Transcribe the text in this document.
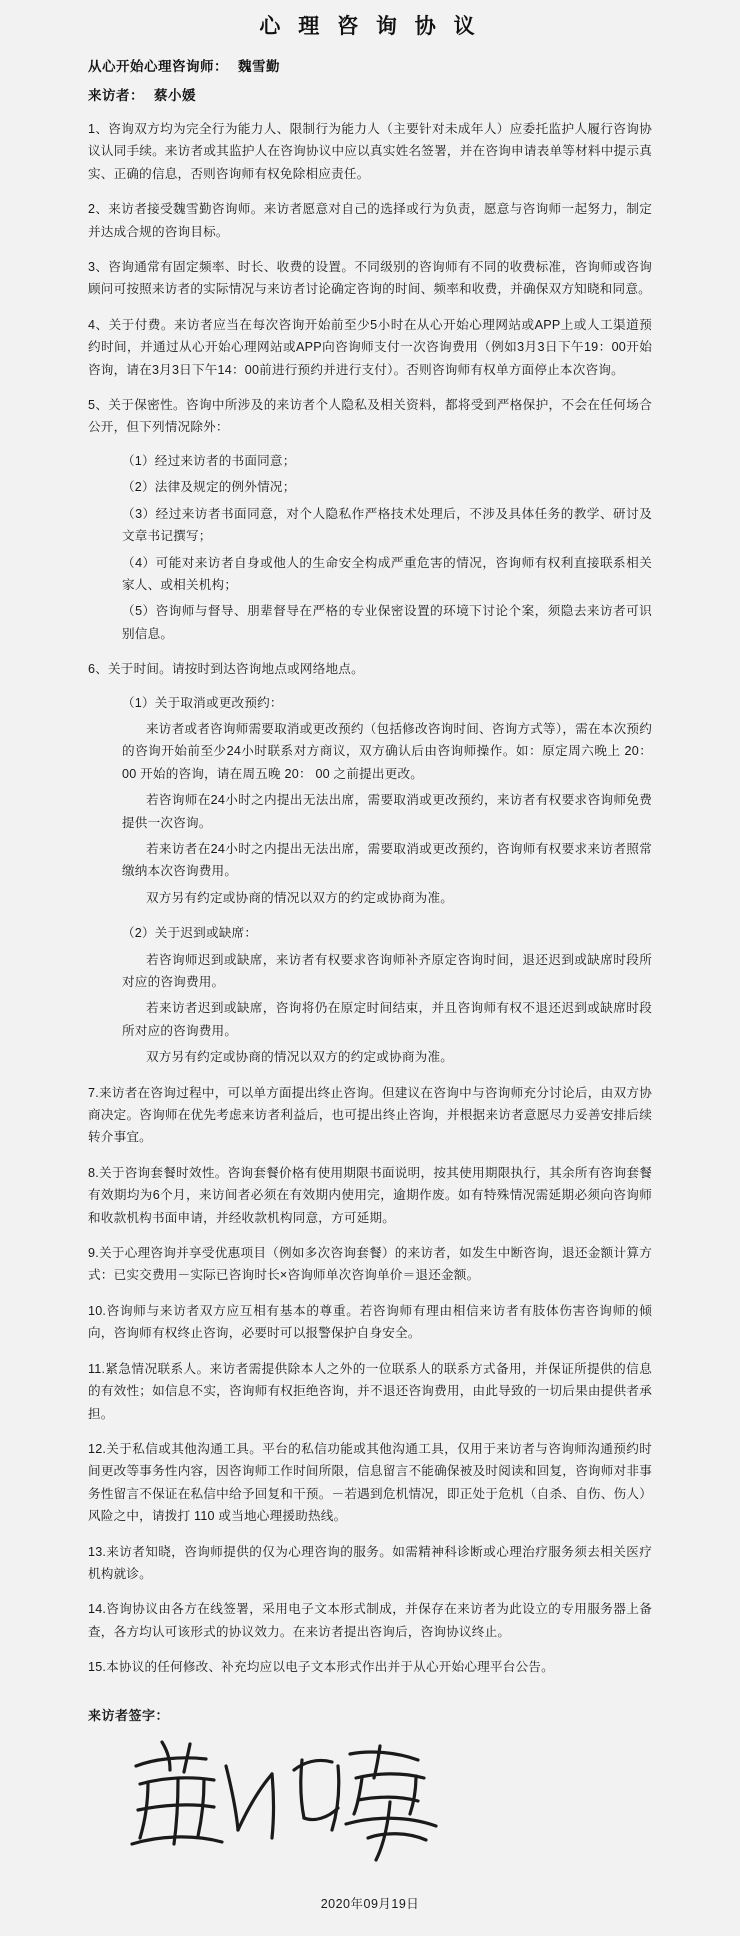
心 理 咨 询 协 议
从心开始心理咨询师： 魏雪勤
来访者： 蔡小媛

1、咨询双方均为完全行为能力人、限制行为能力人（主要针对未成年人）应委托监护人履行咨询协议认同手续。来访者或其监护人在咨询协议中应以真实姓名签署，并在咨询申请表单等材料中提示真实、正确的信息，否则咨询师有权免除相应责任。

2、来访者接受魏雪勤咨询师。来访者愿意对自己的选择或行为负责，愿意与咨询师一起努力，制定并达成合规的咨询目标。

3、咨询通常有固定频率、时长、收费的设置。不同级别的咨询师有不同的收费标准，咨询师或咨询顾问可按照来访者的实际情况与来访者讨论确定咨询的时间、频率和收费，并确保双方知晓和同意。

4、关于付费。来访者应当在每次咨询开始前至少5小时在从心开始心理网站或APP上或人工渠道预约时间，并通过从心开始心理网站或APP向咨询师支付一次咨询费用（例如3月3日下午19：00开始咨询，请在3月3日下午14：00前进行预约并进行支付）。否则咨询师有权单方面停止本次咨询。

5、关于保密性。咨询中所涉及的来访者个人隐私及相关资料，都将受到严格保护，不会在任何场合公开，但下列情况除外：

（1）经过来访者的书面同意；

（2）法律及规定的例外情况；

（3）经过来访者书面同意，对个人隐私作严格技术处理后，不涉及具体任务的教学、研讨及文章书记撰写；

（4）可能对来访者自身或他人的生命安全构成严重危害的情况，咨询师有权利直接联系相关家人、或相关机构；

（5）咨询师与督导、朋辈督导在严格的专业保密设置的环境下讨论个案，须隐去来访者可识别信息。

6、关于时间。请按时到达咨询地点或网络地点。

（1）关于取消或更改预约：

来访者或者咨询师需要取消或更改预约（包括修改咨询时间、咨询方式等），需在本次预约的咨询开始前至少24小时联系对方商议，双方确认后由咨询师操作。如：原定周六晚上 20： 00 开始的咨询，请在周五晚 20： 00 之前提出更改。

若咨询师在24小时之内提出无法出席，需要取消或更改预约，来访者有权要求咨询师免费提供一次咨询。

若来访者在24小时之内提出无法出席，需要取消或更改预约，咨询师有权要求来访者照常缴纳本次咨询费用。

双方另有约定或协商的情况以双方的约定或协商为准。

（2）关于迟到或缺席：

若咨询师迟到或缺席，来访者有权要求咨询师补齐原定咨询时间，退还迟到或缺席时段所对应的咨询费用。

若来访者迟到或缺席，咨询将仍在原定时间结束，并且咨询师有权不退还迟到或缺席时段所对应的咨询费用。

双方另有约定或协商的情况以双方的约定或协商为准。

7.来访者在咨询过程中，可以单方面提出终止咨询。但建议在咨询中与咨询师充分讨论后，由双方协商决定。咨询师在优先考虑来访者利益后，也可提出终止咨询，并根据来访者意愿尽力妥善安排后续转介事宜。

8.关于咨询套餐时效性。咨询套餐价格有使用期限书面说明，按其使用期限执行，其余所有咨询套餐有效期均为6个月，来访间者必须在有效期内使用完，逾期作废。如有特殊情况需延期必须向咨询师和收款机构书面申请，并经收款机构同意，方可延期。

9.关于心理咨询并享受优惠项目（例如多次咨询套餐）的来访者，如发生中断咨询，退还金额计算方式：已实交费用－实际已咨询时长×咨询师单次咨询单价＝退还金额。

10.咨询师与来访者双方应互相有基本的尊重。若咨询师有理由相信来访者有肢体伤害咨询师的倾向，咨询师有权终止咨询，必要时可以报警保护自身安全。

11.紧急情况联系人。来访者需提供除本人之外的一位联系人的联系方式备用，并保证所提供的信息的有效性；如信息不实，咨询师有权拒绝咨询，并不退还咨询费用，由此导致的一切后果由提供者承担。

12.关于私信或其他沟通工具。平台的私信功能或其他沟通工具，仅用于来访者与咨询师沟通预约时间更改等事务性内容，因咨询师工作时间所限，信息留言不能确保被及时阅读和回复，咨询师对非事务性留言不保证在私信中给予回复和干预。－若遇到危机情况，即正处于危机（自杀、自伤、伤人）风险之中，请拨打 110 或当地心理援助热线。

13.来访者知晓，咨询师提供的仅为心理咨询的服务。如需精神科诊断或心理治疗服务须去相关医疗机构就诊。

14.咨询协议由各方在线签署，采用电子文本形式制成，并保存在来访者为此设立的专用服务器上备查，各方均认可该形式的协议效力。在来访者提出咨询后，咨询协议终止。

15.本协议的任何修改、补充均应以电子文本形式作出并于从心开始心理平台公告。

来访者签字：
2020年09月19日
